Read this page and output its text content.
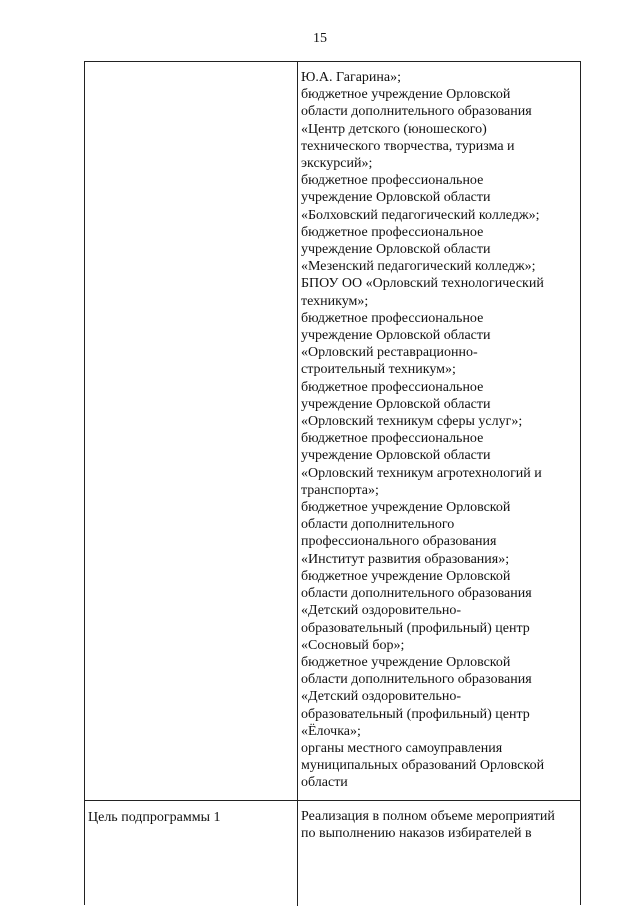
15
Ю.А. Гагарина»;
бюджетное учреждение Орловской
области дополнительного образования
«Центр детского (юношеского)
технического творчества, туризма и
экскурсий»;
бюджетное профессиональное
учреждение Орловской области
«Болховский педагогический колледж»;
бюджетное профессиональное
учреждение Орловской области
«Мезенский педагогический колледж»;
БПОУ ОО «Орловский технологический
техникум»;
бюджетное профессиональное
учреждение Орловской области
«Орловский реставрационно-
строительный техникум»;
бюджетное профессиональное
учреждение Орловской области
«Орловский техникум сферы услуг»;
бюджетное профессиональное
учреждение Орловской области
«Орловский техникум агротехнологий и
транспорта»;
бюджетное учреждение Орловской
области дополнительного
профессионального образования
«Институт развития образования»;
бюджетное учреждение Орловской
области дополнительного образования
«Детский оздоровительно-
образовательный (профильный) центр
«Сосновый бор»;
бюджетное учреждение Орловской
области дополнительного образования
«Детский оздоровительно-
образовательный (профильный) центр
«Ёлочка»;
органы местного самоуправления
муниципальных образований Орловской
области
Цель подпрограммы 1	Реализация в полном объеме мероприятий
по выполнению наказов избирателей в
